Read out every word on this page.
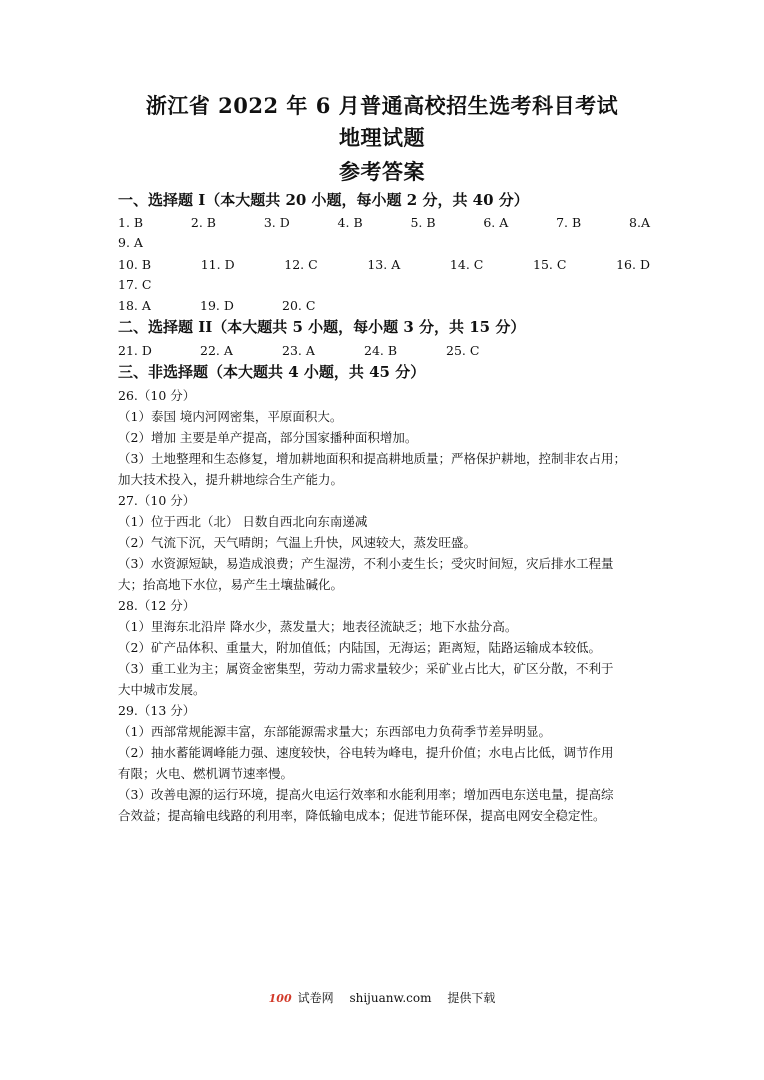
浙江省 2022 年 6 月普通高校招生选考科目考试
地理试题
参考答案
一、选择题 I（本大题共 20 小题，每小题 2 分，共 40 分）
1. B	2. B	3. D	4. B	5. B	6. A	7. B	8.A
9. A
10. B	11. D	12. C	13. A	14. C	15. C	16. D
17. C
18. A	19. D	20. C
二、选择题 II（本大题共 5 小题，每小题 3 分，共 15 分）
21. D	22. A	23. A	24. B	25. C
三、非选择题（本大题共 4 小题，共 45 分）
26.（10 分）
（1）泰国 境内河网密集，平原面积大。
（2）增加 主要是单产提高，部分国家播种面积增加。
（3）土地整理和生态修复，增加耕地面积和提高耕地质量；严格保护耕地，控制非农占用；
加大技术投入，提升耕地综合生产能力。
27.（10 分）
（1）位于西北（北） 日数自西北向东南递减
（2）气流下沉，天气晴朗；气温上升快，风速较大，蒸发旺盛。
（3）水资源短缺，易造成浪费；产生湿涝，不利小麦生长；受灾时间短，灾后排水工程量
大；抬高地下水位，易产生土壤盐碱化。
28.（12 分）
（1）里海东北沿岸 降水少，蒸发量大；地表径流缺乏；地下水盐分高。
（2）矿产品体积、重量大，附加值低；内陆国，无海运；距离短，陆路运输成本较低。
（3）重工业为主；属资金密集型，劳动力需求量较少；采矿业占比大，矿区分散，不利于
大中城市发展。
29.（13 分）
（1）西部常规能源丰富，东部能源需求量大；东西部电力负荷季节差异明显。
（2）抽水蓄能调峰能力强、速度较快，谷电转为峰电，提升价值；水电占比低，调节作用
有限；火电、燃机调节速率慢。
（3）改善电源的运行环境，提高火电运行效率和水能利用率；增加西电东送电量，提高综
合效益；提高输电线路的利用率，降低输电成本；促进节能环保，提高电网安全稳定性。
100 试卷网 shijuanw.com 提供下载
